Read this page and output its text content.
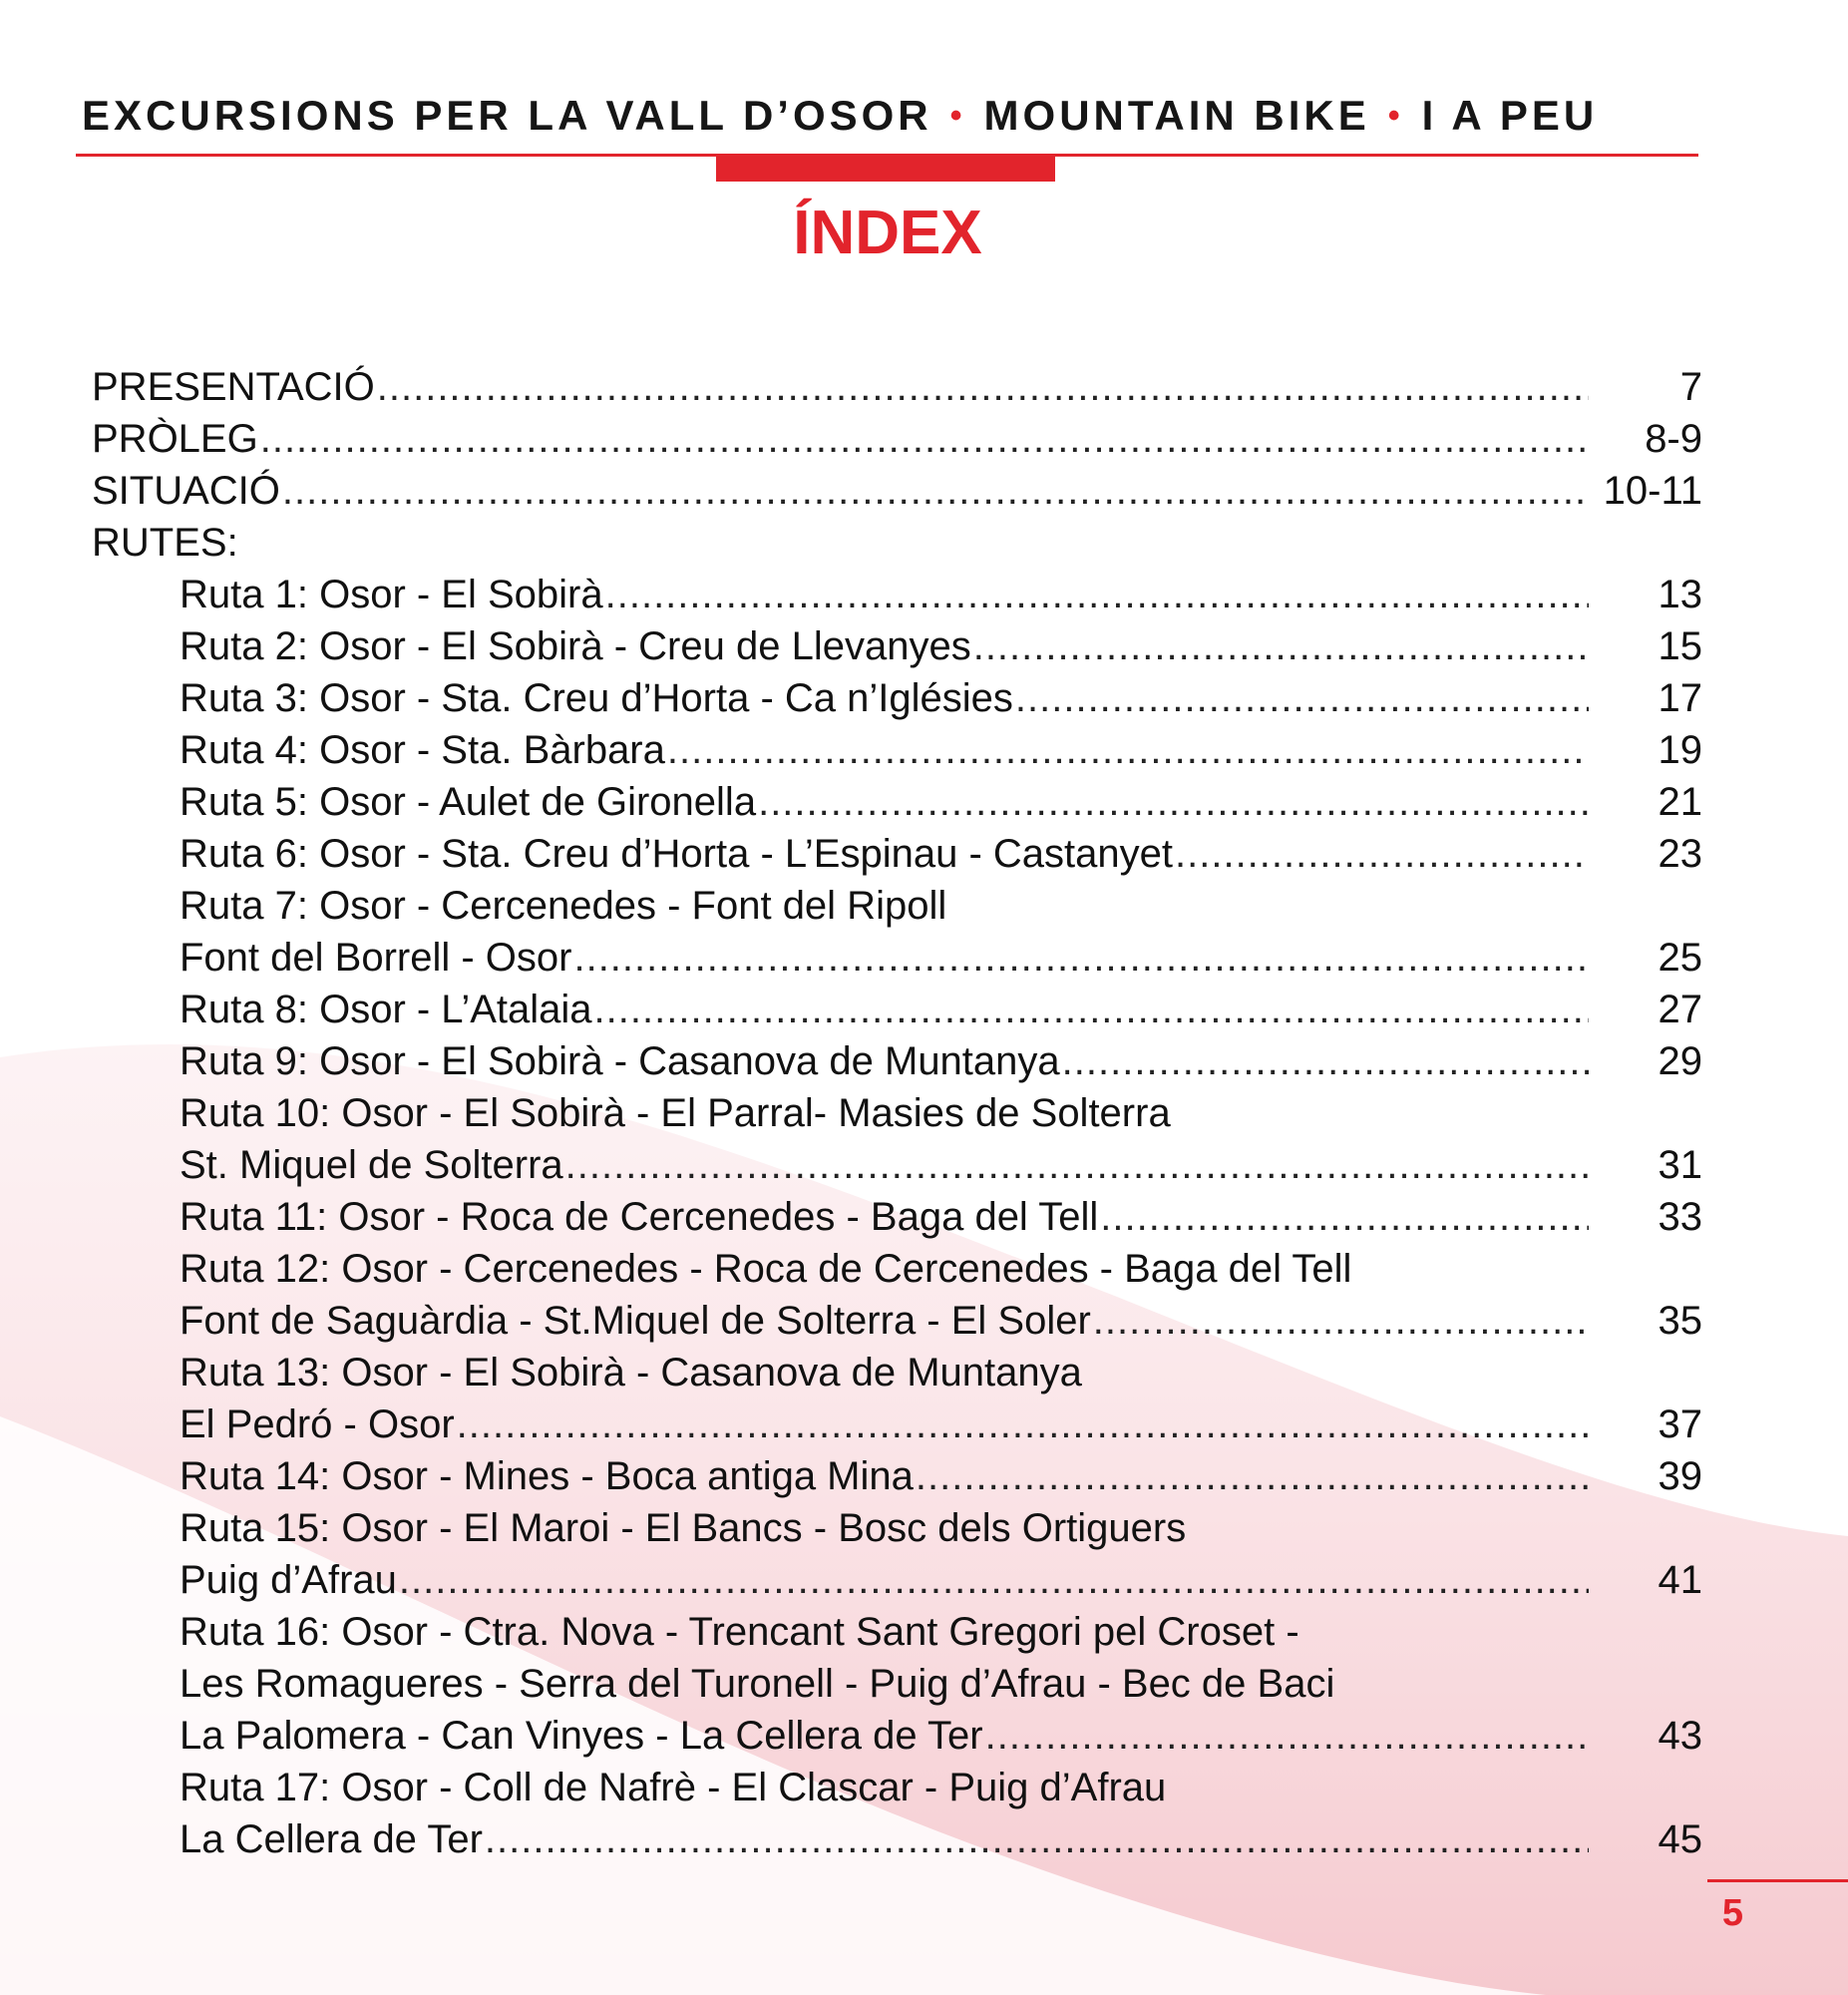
EXCURSIONS PER LA VALL D’OSOR • MOUNTAIN BIKE • I A PEU
ÍNDEX
PRESENTACIÓ .....	7
PRÒLEG .....	8-9
SITUACIÓ .....	10-11
RUTES:
Ruta 1: Osor - El Sobirà .....	13
Ruta 2: Osor - El Sobirà - Creu de Llevanyes .....	15
Ruta 3: Osor - Sta. Creu d’Horta - Ca n’Iglésies .....	17
Ruta 4: Osor - Sta. Bàrbara .....	19
Ruta 5: Osor - Aulet de Gironella .....	21
Ruta 6: Osor - Sta. Creu d’Horta - L’Espinau - Castanyet .....	23
Ruta 7: Osor - Cercenedes - Font del Ripoll
Font del Borrell - Osor .....	25
Ruta 8: Osor - L’Atalaia .....	27
Ruta 9: Osor - El Sobirà - Casanova de Muntanya .....	29
Ruta 10: Osor - El Sobirà - El Parral- Masies de Solterra
St. Miquel de Solterra .....	31
Ruta 11: Osor - Roca de Cercenedes - Baga del Tell .....	33
Ruta 12: Osor - Cercenedes - Roca de Cercenedes - Baga del Tell
Font de Saguàrdia - St.Miquel de Solterra - El Soler .....	35
Ruta 13: Osor - El Sobirà - Casanova de Muntanya
El Pedró - Osor .....	37
Ruta 14: Osor - Mines - Boca antiga Mina .....	39
Ruta 15: Osor - El Maroi - El Bancs - Bosc dels Ortiguers
Puig d’Afrau .....	41
Ruta 16: Osor - Ctra. Nova - Trencant Sant Gregori pel Croset -
Les Romagueres - Serra del Turonell - Puig d’Afrau - Bec de Baci
La Palomera - Can Vinyes - La Cellera de Ter .....	43
Ruta 17: Osor - Coll de Nafrè - El Clascar - Puig d’Afrau
La Cellera de Ter .....	45
5
